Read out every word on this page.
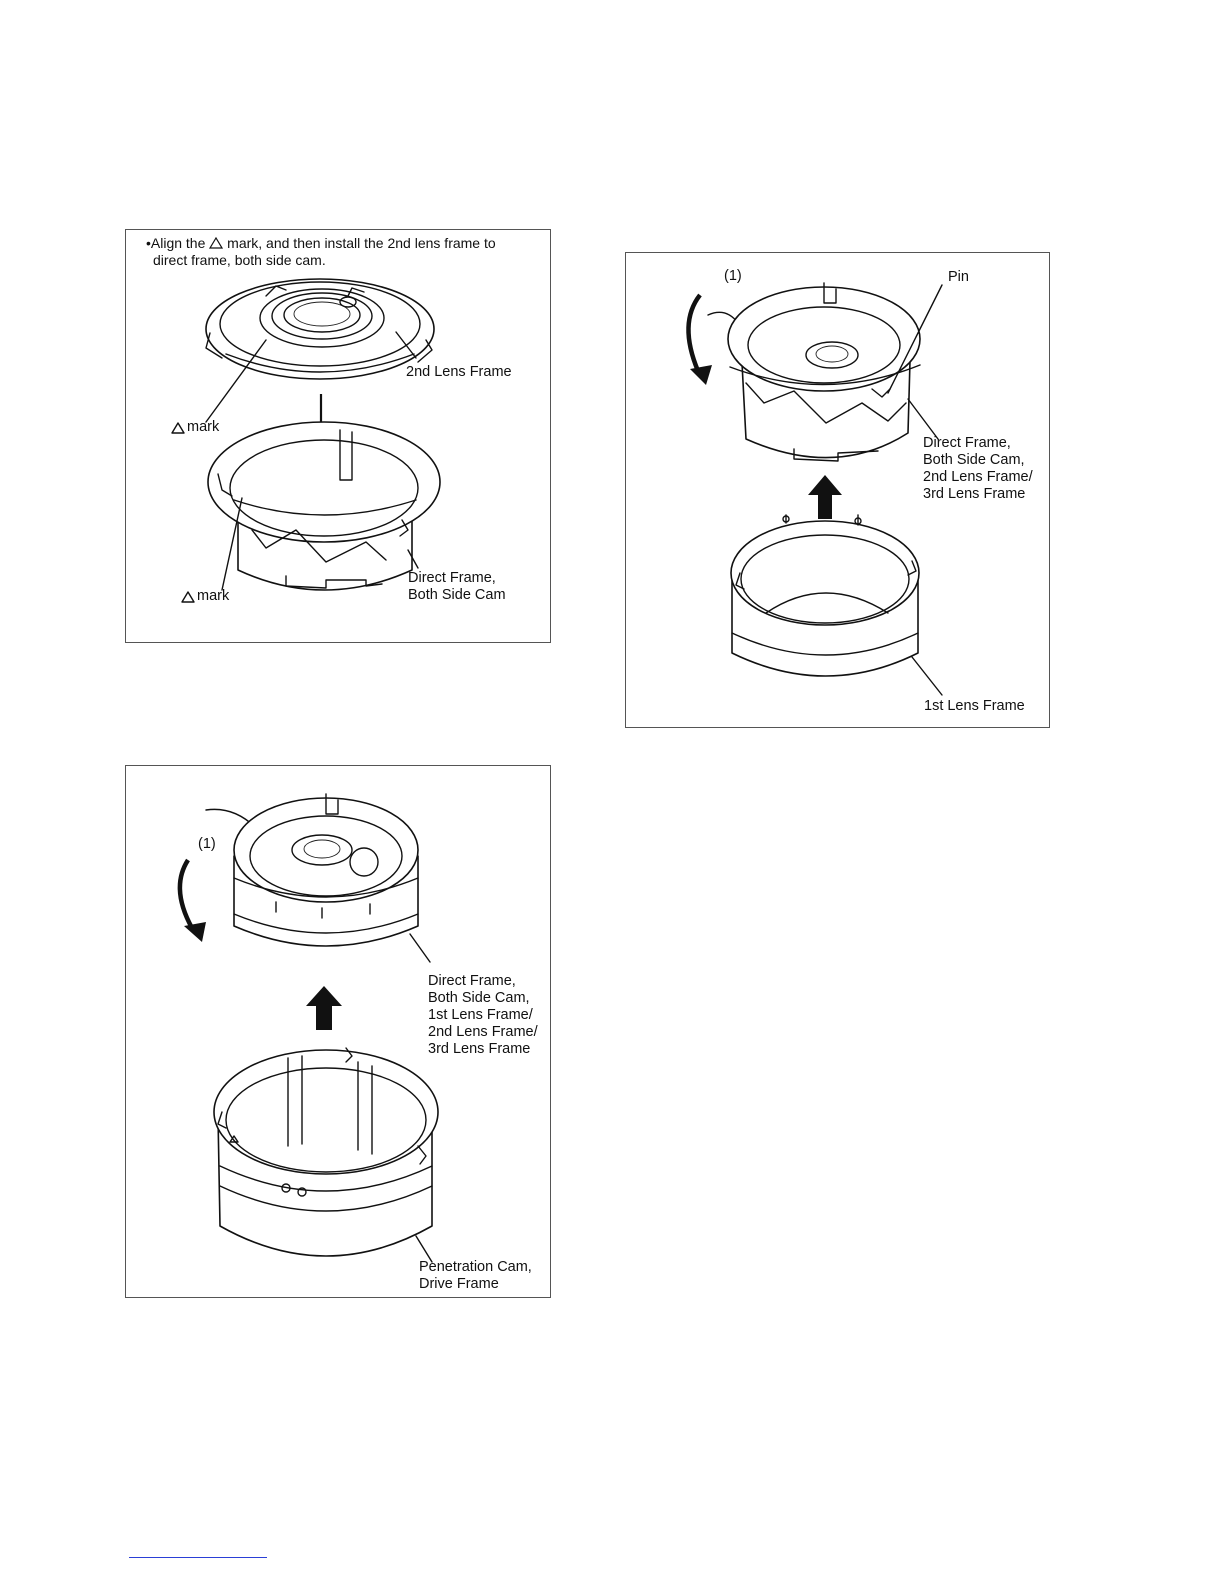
•Align the  mark, and then install the 2nd lens frame to
direct frame, both side cam.
2nd Lens Frame
mark
mark
Direct Frame,
Both Side Cam
(1)	Pin
Direct Frame,
Both Side Cam,
2nd Lens Frame/
3rd Lens Frame
1st Lens Frame
(1)
Direct Frame,
Both Side Cam,
1st Lens Frame/
2nd Lens Frame/
3rd Lens Frame
Penetration Cam,
Drive Frame
